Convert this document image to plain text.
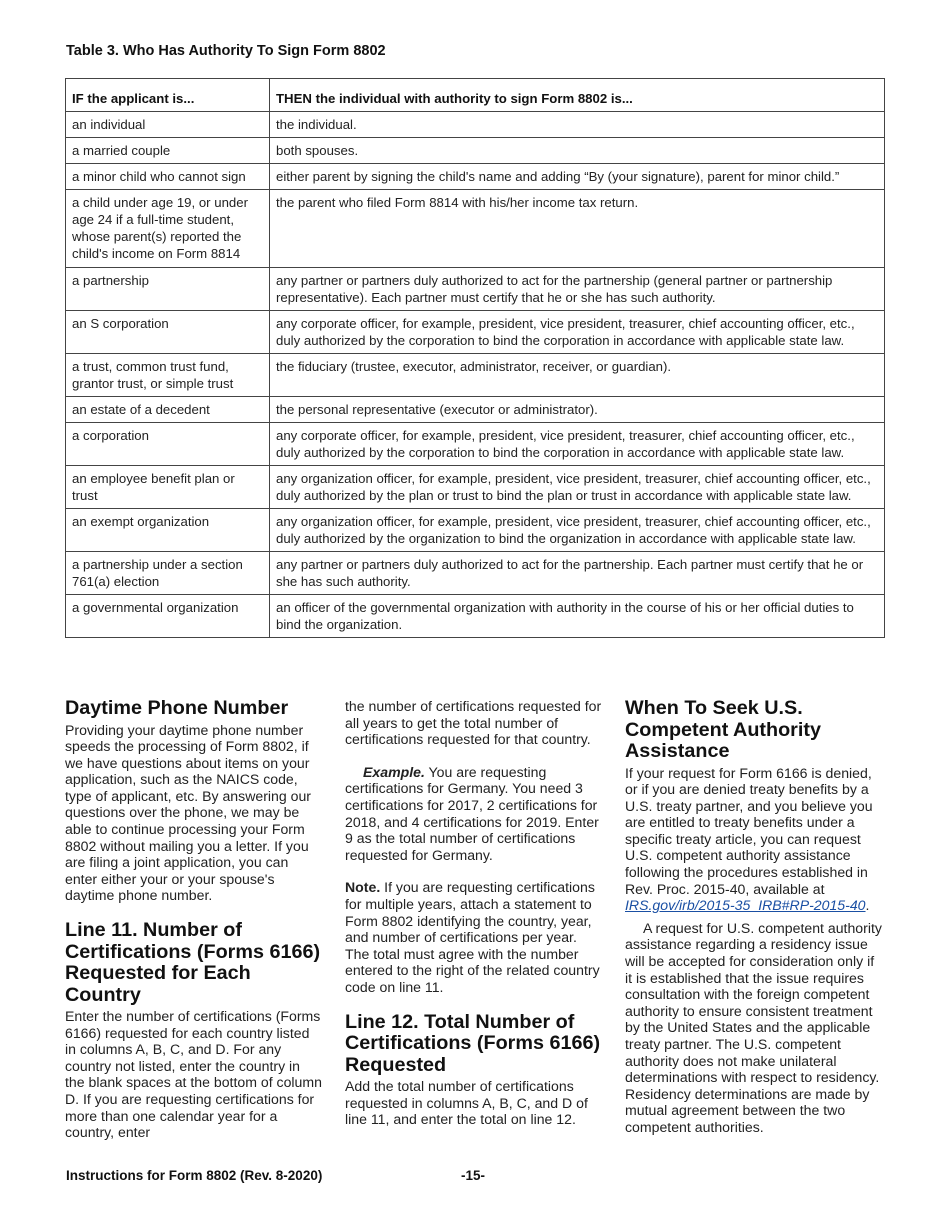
Table 3. Who Has Authority To Sign Form 8802
IF the applicant is...	THEN the individual with authority to sign Form 8802 is...
an individual	the individual.
a married couple	both spouses.
a minor child who cannot sign	either parent by signing the child's name and adding “By (your signature), parent for minor child.”
a child under age 19, or under age 24 if a full-time student, whose parent(s) reported the child's income on Form 8814	the parent who filed Form 8814 with his/her income tax return.
a partnership	any partner or partners duly authorized to act for the partnership (general partner or partnership representative). Each partner must certify that he or she has such authority.
an S corporation	any corporate officer, for example, president, vice president, treasurer, chief accounting officer, etc., duly authorized by the corporation to bind the corporation in accordance with applicable state law.
a trust, common trust fund, grantor trust, or simple trust	the fiduciary (trustee, executor, administrator, receiver, or guardian).
an estate of a decedent	the personal representative (executor or administrator).
a corporation	any corporate officer, for example, president, vice president, treasurer, chief accounting officer, etc., duly authorized by the corporation to bind the corporation in accordance with applicable state law.
an employee benefit plan or trust	any organization officer, for example, president, vice president, treasurer, chief accounting officer, etc., duly authorized by the plan or trust to bind the plan or trust in accordance with applicable state law.
an exempt organization	any organization officer, for example, president, vice president, treasurer, chief accounting officer, etc., duly authorized by the organization to bind the organization in accordance with applicable state law.
a partnership under a section 761(a) election	any partner or partners duly authorized to act for the partnership. Each partner must certify that he or she has such authority.
a governmental organization	an officer of the governmental organization with authority in the course of his or her official duties to bind the organization.
Daytime Phone Number

Providing your daytime phone number speeds the processing of Form 8802, if we have questions about items on your application, such as the NAICS code, type of applicant, etc. By answering our questions over the phone, we may be able to continue processing your Form 8802 without mailing you a letter. If you are filing a joint application, you can enter either your or your spouse's daytime phone number.

Line 11. Number of Certifications (Forms 6166) Requested for Each Country

Enter the number of certifications (Forms 6166) requested for each country listed in columns A, B, C, and D. For any country not listed, enter the country in the blank spaces at the bottom of column D. If you are requesting certifications for more than one calendar year for a country, enter

the number of certifications requested for all years to get the total number of certifications requested for that country.

Example. You are requesting certifications for Germany. You need 3 certifications for 2017, 2 certifications for 2018, and 4 certifications for 2019. Enter 9 as the total number of certifications requested for Germany.

Note. If you are requesting certifications for multiple years, attach a statement to Form 8802 identifying the country, year, and number of certifications per year. The total must agree with the number entered to the right of the related country code on line 11.

Line 12. Total Number of Certifications (Forms 6166) Requested

Add the total number of certifications requested in columns A, B, C, and D of line 11, and enter the total on line 12.

When To Seek U.S. Competent Authority Assistance

If your request for Form 6166 is denied, or if you are denied treaty benefits by a U.S. treaty partner, and you believe you are entitled to treaty benefits under a specific treaty article, you can request U.S. competent authority assistance following the procedures established in Rev. Proc. 2015-40, available at IRS.gov/irb/2015-35_IRB#RP-2015-40.

A request for U.S. competent authority assistance regarding a residency issue will be accepted for consideration only if it is established that the issue requires consultation with the foreign competent authority to ensure consistent treatment by the United States and the applicable treaty partner. The U.S. competent authority does not make unilateral determinations with respect to residency. Residency determinations are made by mutual agreement between the two competent authorities.

Instructions for Form 8802 (Rev. 8-2020)	-15-
